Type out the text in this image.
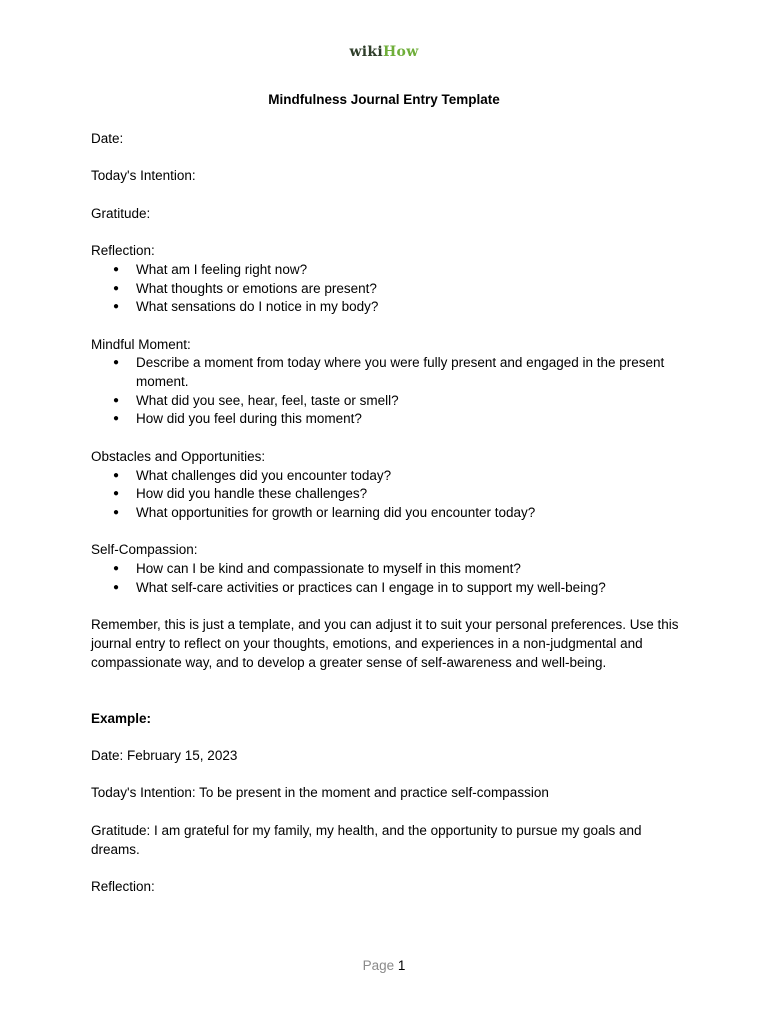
wikiHow
Mindfulness Journal Entry Template

Date:

Today's Intention:

Gratitude:

Reflection:

● What am I feeling right now?
● What thoughts or emotions are present?
● What sensations do I notice in my body?

Mindful Moment:

● Describe a moment from today where you were fully present and engaged in the present moment.
● What did you see, hear, feel, taste or smell?
● How did you feel during this moment?

Obstacles and Opportunities:

● What challenges did you encounter today?
● How did you handle these challenges?
● What opportunities for growth or learning did you encounter today?

Self-Compassion:

● How can I be kind and compassionate to myself in this moment?
● What self-care activities or practices can I engage in to support my well-being?

Remember, this is just a template, and you can adjust it to suit your personal preferences. Use this journal entry to reflect on your thoughts, emotions, and experiences in a non-judgmental and compassionate way, and to develop a greater sense of self-awareness and well-being.

Example:

Date: February 15, 2023

Today's Intention: To be present in the moment and practice self-compassion

Gratitude: I am grateful for my family, my health, and the opportunity to pursue my goals and dreams.

Reflection:

Page 1
